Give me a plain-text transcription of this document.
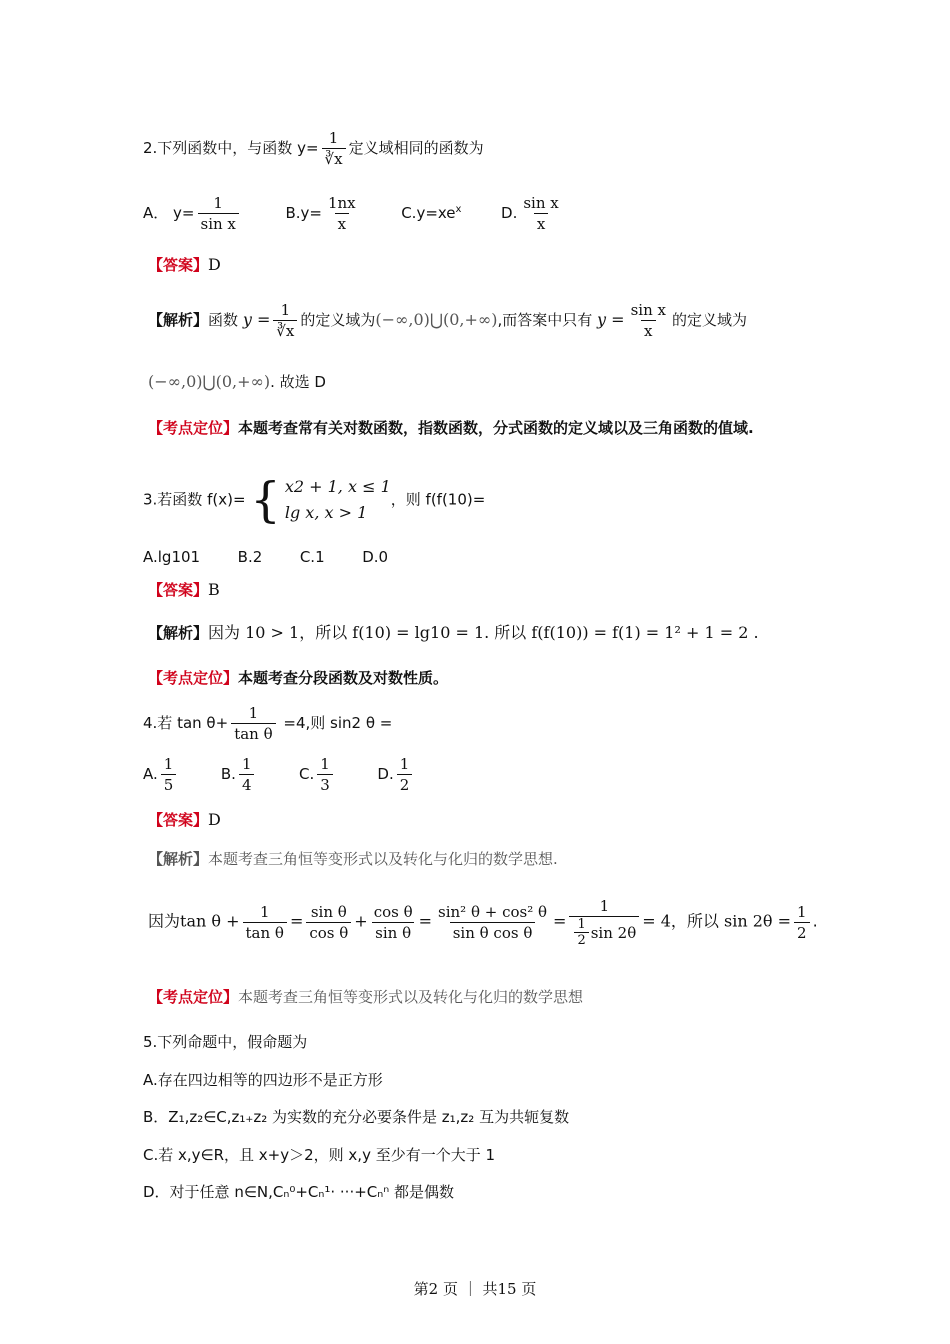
2.下列函数中，与函数 $y= \frac{1}{∛x}$ 定义域相同的函数为
A． $y= \frac{1}{\text{sin x}}$	$B.y= \frac{1nx}{x}$	$C.y=xe^x$	D. $\frac{\text{sin x}}{x}$
【答案】D
【解析】函数 $y = \frac{1}{∛x}$ 的定义域为(−∞,0)⋃(0,+∞),而答案中只有 $y = \frac{\text{sin x}}{x}$ 的定义域为
(−∞,0)⋃(0,+∞). 故选 D
【考点定位】本题考查常有关对数函数，指数函数，分式函数的定义域以及三角函数的值域.
3.若函数 f(x)= { x2 + 1, x ≤ 1
lg x, x > 1
，则 f(f(10)=
A.lg101	B.2	C.1	D.0
【答案】B
【解析】因为 10 > 1，所以 f(10) = lg10 = 1. 所以 f(f(10)) = f(1) = 1² + 1 = 2 .
【考点定位】本题考查分段函数及对数性质。
4.若 $\tan \theta+ \frac{1}{\text{tan θ}} =4$,则 sin2 θ =
A. $\frac{1}{5}$	B. $\frac{1}{4}$	C. $\frac{1}{3}$	D. $\frac{1}{2}$
【答案】D
【解析】本题考查三角恒等变形式以及转化与化归的数学思想.
因为$\tan \theta + \frac{1}{\text{tan θ}} = \frac{\text{sin θ}}{\text{cos θ}} + \frac{\text{cos θ}}{\text{sin θ}} = \frac{\text{sin² θ + cos² θ}}{\text{sin θ cos θ}} = \frac{1}{\frac{1}{2} \sin 2\theta} = 4$，所以 $\sin 2\theta = \frac{1}{2}$ .
【考点定位】本题考查三角恒等变形式以及转化与化归的数学思想
5.下列命题中，假命题为
A.存在四边相等的四边形不是正方形
B．Z₁,z₂∈C,z₁₊z₂ 为实数的充分必要条件是 z₁,z₂ 互为共轭复数
C.若 x,y∈R，且 x+y＞2，则 x,y 至少有一个大于 1
D．对于任意 n∈N,Cₙ⁰+Cₙ¹· ···+Cₙⁿ 都是偶数
第2 页 ｜ 共15 页
